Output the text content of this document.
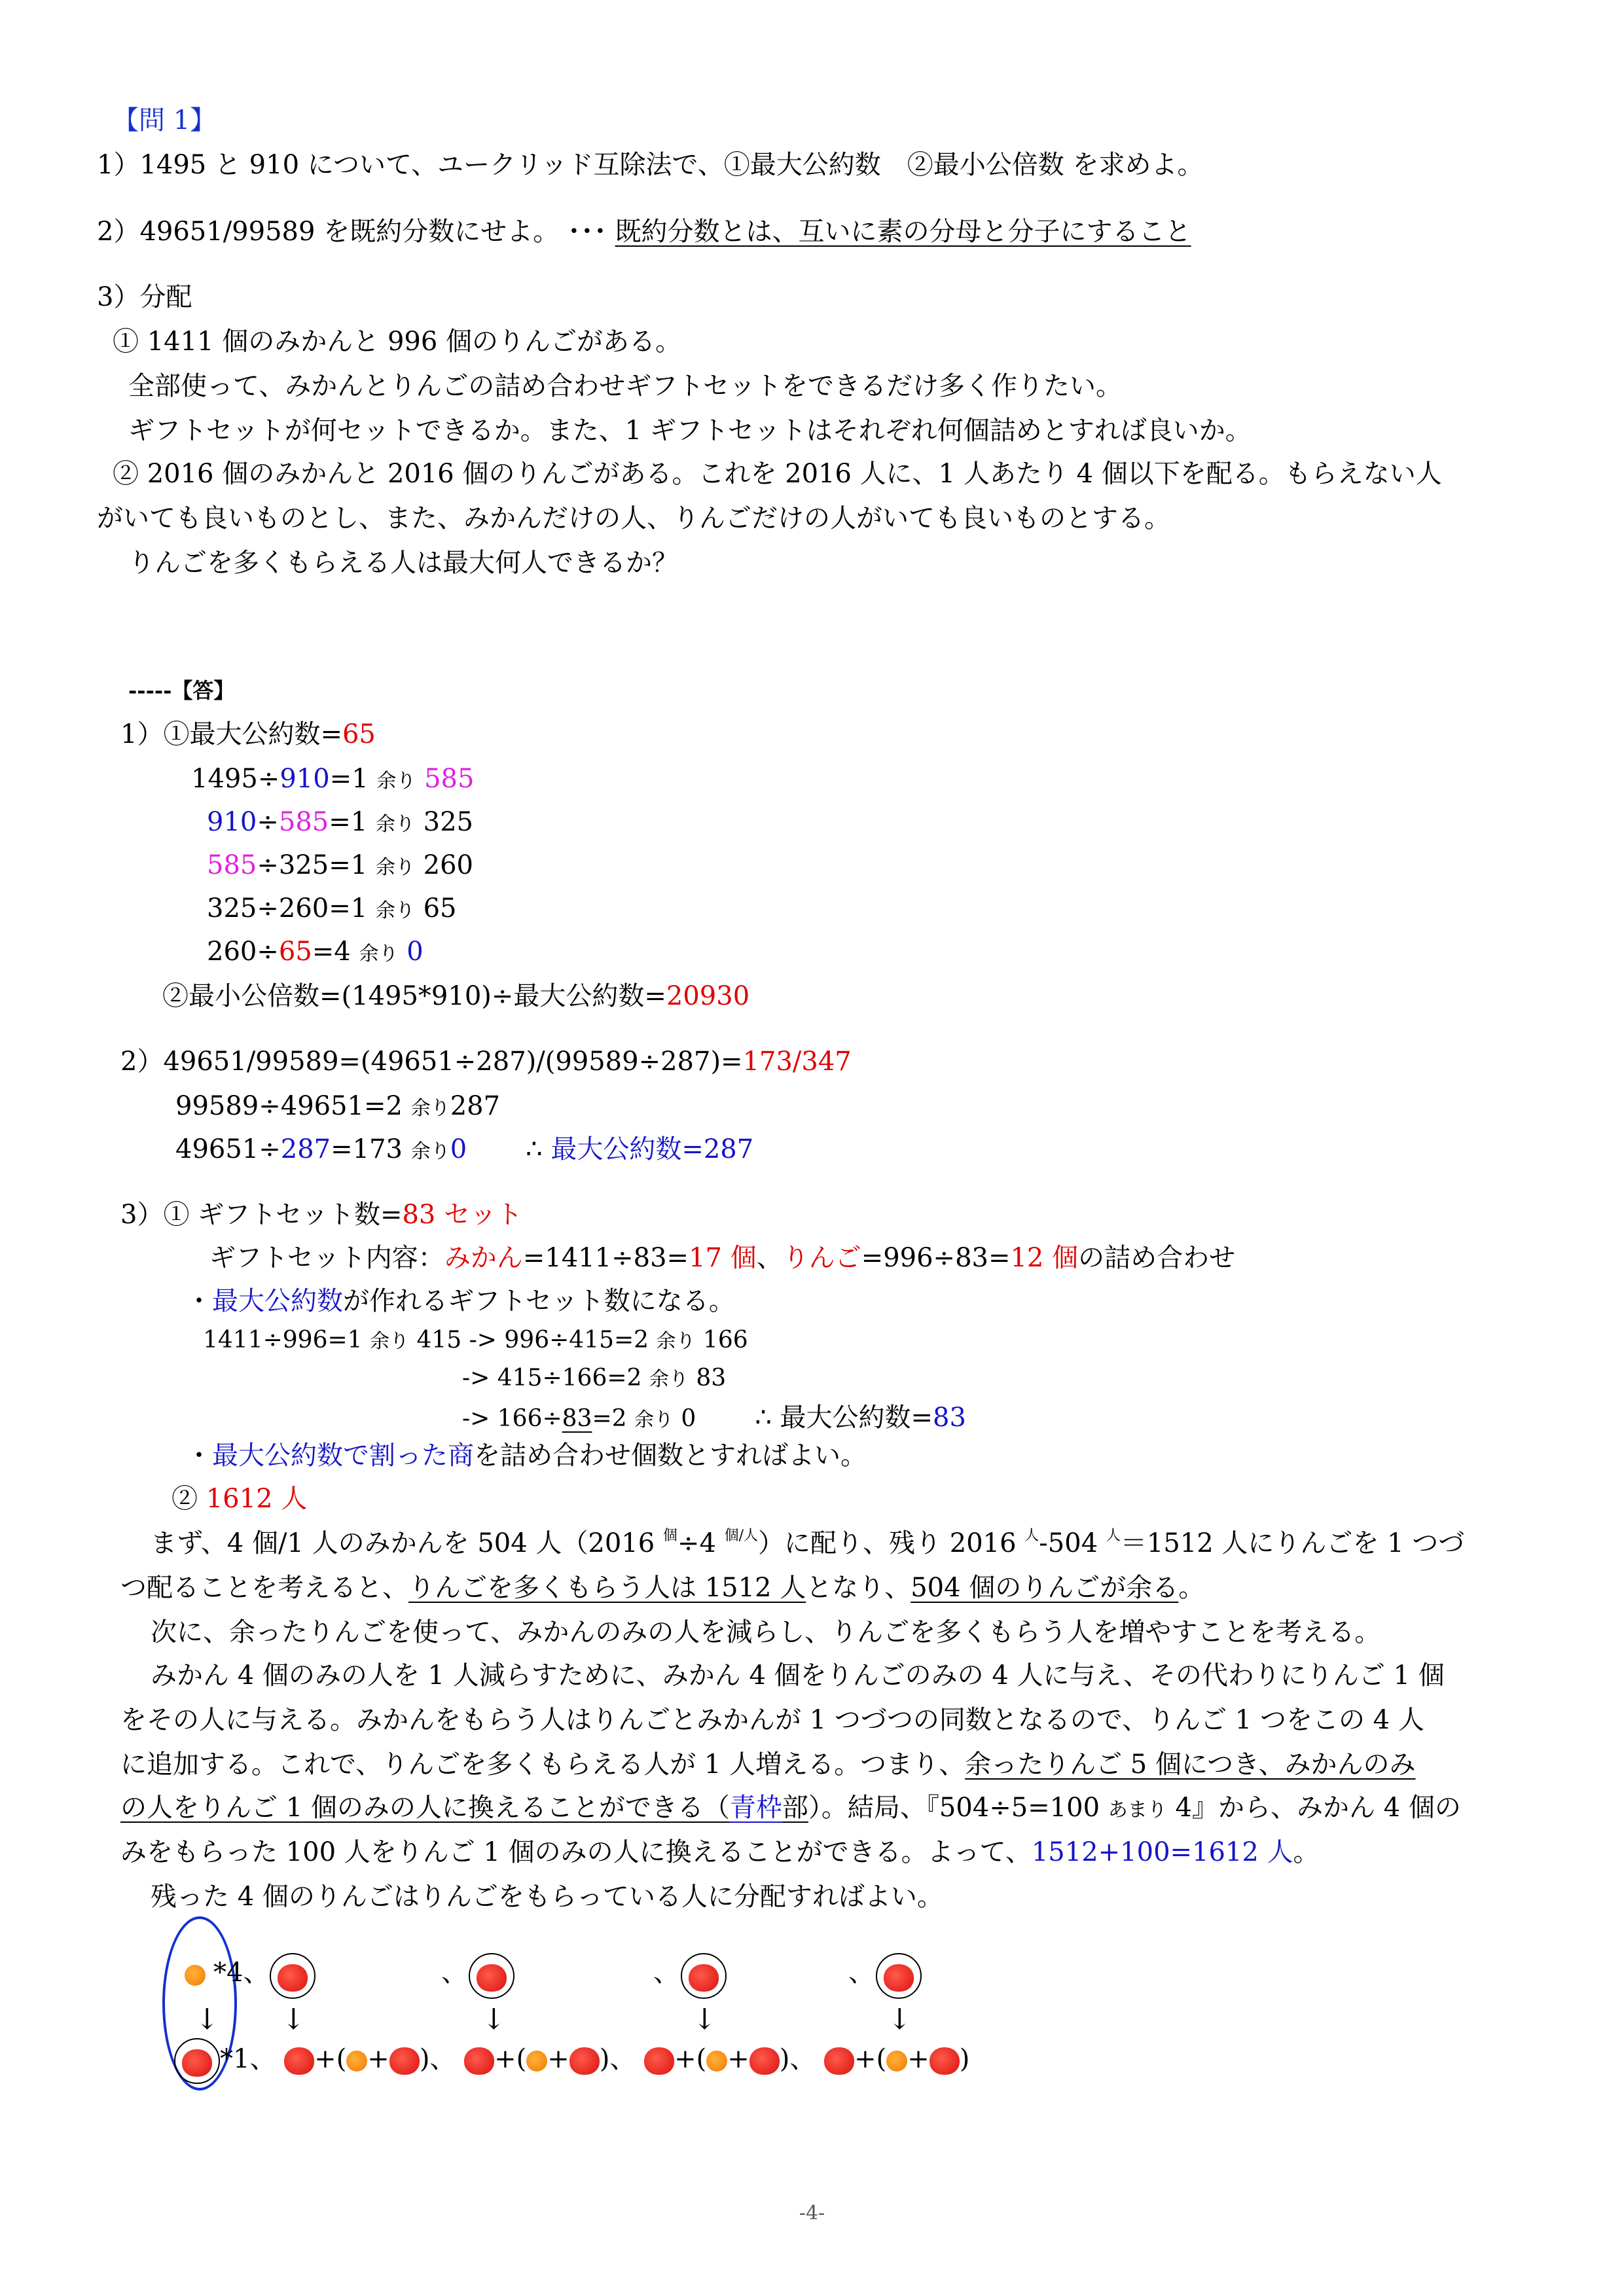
【問 1】
1）1495 と 910 について、ユークリッド互除法で、①最大公約数　②最小公倍数 を求めよ。
2）49651/99589 を既約分数にせよ。 ･･･ 既約分数とは、互いに素の分母と分子にすること
3）分配
① 1411 個のみかんと 996 個のりんごがある。
全部使って、みかんとりんごの詰め合わせギフトセットをできるだけ多く作りたい。
ギフトセットが何セットできるか。また、1 ギフトセットはそれぞれ何個詰めとすれば良いか。
② 2016 個のみかんと 2016 個のりんごがある。これを 2016 人に、1 人あたり 4 個以下を配る。もらえない人
がいても良いものとし、また、みかんだけの人、りんごだけの人がいても良いものとする。
りんごを多くもらえる人は最大何人できるか？
-----【答】
1）①最大公約数=65
1495÷910=1 余り 585
910÷585=1 余り 325
585÷325=1 余り 260
325÷260=1 余り 65
260÷65=4 余り 0
②最小公倍数=(1495*910)÷最大公約数=20930
2）49651/99589=(49651÷287)/(99589÷287)=173/347
99589÷49651=2 余り287
49651÷287=173 余り0 ∴ 最大公約数=287
3）① ギフトセット数=83 セット
ギフトセット内容：みかん=1411÷83=17 個、りんご=996÷83=12 個の詰め合わせ
・最大公約数が作れるギフトセット数になる。
1411÷996=1 余り 415 -> 996÷415=2 余り 166
-> 415÷166=2 余り 83
-> 166÷83=2 余り 0 ∴ 最大公約数=83
・最大公約数で割った商を詰め合わせ個数とすればよい。
② 1612 人
まず、4 個/1 人のみかんを 504 人（2016 $^個$÷4 $^{個/人}$）に配り、残り 2016 $^人$-504 $^人$＝1512 人にりんごを 1 つづ
つ配ることを考えると、りんごを多くもらう人は 1512 人となり、504 個のりんごが余る。
次に、余ったりんごを使って、みかんのみの人を減らし、りんごを多くもらう人を増やすことを考える。
みかん 4 個のみの人を 1 人減らすために、みかん 4 個をりんごのみの 4 人に与え、その代わりにりんご 1 個
をその人に与える。みかんをもらう人はりんごとみかんが 1 つづつの同数となるので、りんご 1 つをこの 4 人
に追加する。これで、りんごを多くもらえる人が 1 人増える。つまり、余ったりんご 5 個につき、みかんのみ
の人をりんご 1 個のみの人に換えることができる（青枠部）。結局、『504÷5=100 あまり 4』から、みかん 4 個の
みをもらった 100 人をりんご 1 個のみの人に換えることができる。よって、1512+100=1612 人。
残った 4 個のりんごはりんごをもらっている人に分配すればよい。
*4、	、	、	、
↓ ↓	↓	↓	↓
*1、 +( + )、 +( + )、 +( + )、 +( + )
-4-
